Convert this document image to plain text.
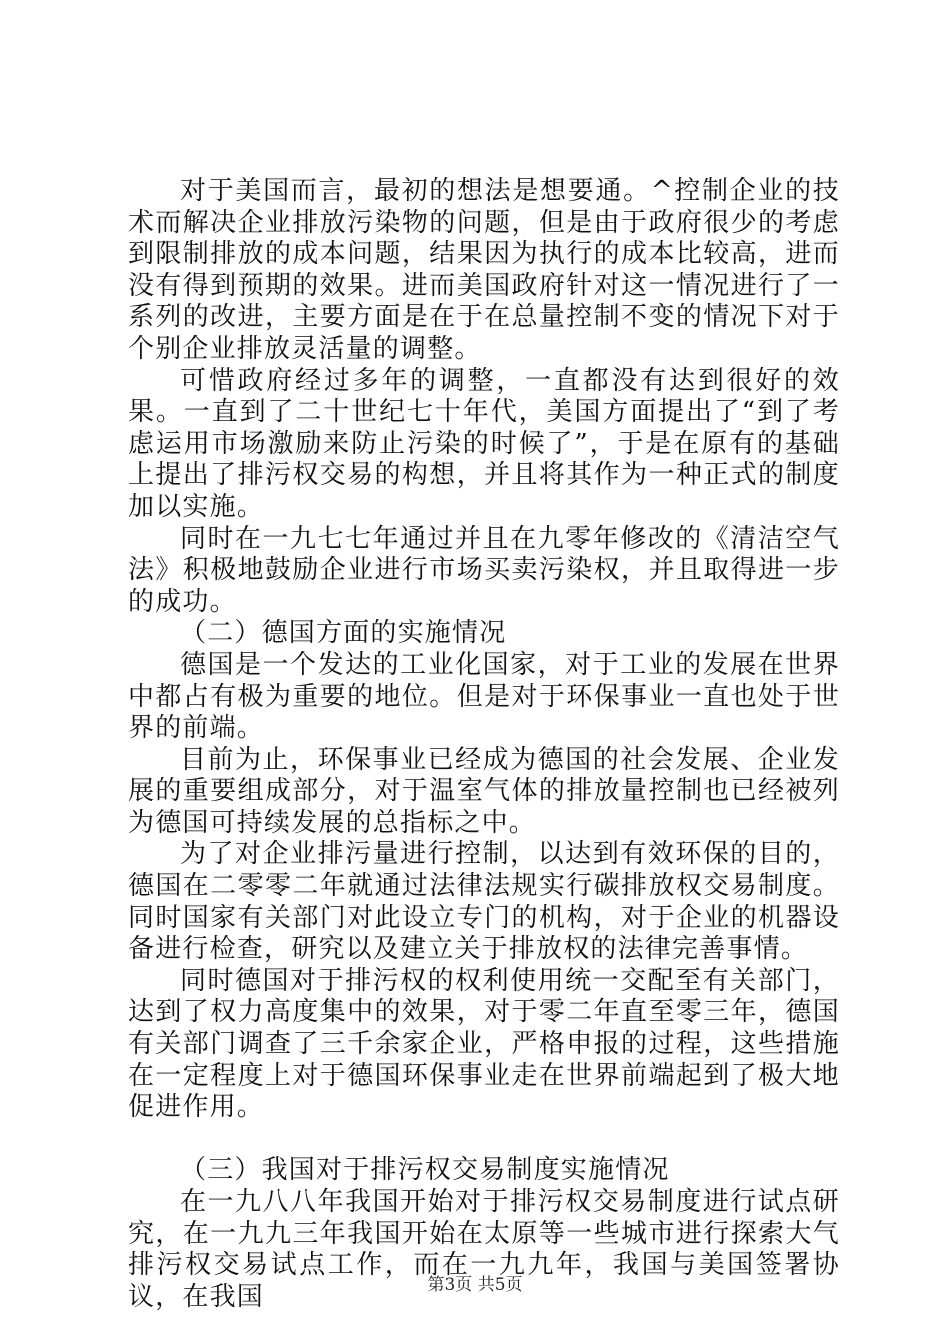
对于美国而言，最初的想法是想要通。^控制企业的技术而解决企业排放污染物的问题，但是由于政府很少的考虑到限制排放的成本问题，结果因为执行的成本比较高，进而没有得到预期的效果。进而美国政府针对这一情况进行了一系列的改进，主要方面是在于在总量控制不变的情况下对于个别企业排放灵活量的调整。

可惜政府经过多年的调整，一直都没有达到很好的效果。一直到了二十世纪七十年代，美国方面提出了“到了考虑运用市场激励来防止污染的时候了”，于是在原有的基础上提出了排污权交易的构想，并且将其作为一种正式的制度加以实施。

同时在一九七七年通过并且在九零年修改的《清洁空气法》积极地鼓励企业进行市场买卖污染权，并且取得进一步的成功。

（二）德国方面的实施情况

德国是一个发达的工业化国家，对于工业的发展在世界中都占有极为重要的地位。但是对于环保事业一直也处于世界的前端。

目前为止，环保事业已经成为德国的社会发展、企业发展的重要组成部分，对于温室气体的排放量控制也已经被列为德国可持续发展的总指标之中。

为了对企业排污量进行控制，以达到有效环保的目的，德国在二零零二年就通过法律法规实行碳排放权交易制度。同时国家有关部门对此设立专门的机构，对于企业的机器设备进行检查，研究以及建立关于排放权的法律完善事情。

同时德国对于排污权的权利使用统一交配至有关部门，达到了权力高度集中的效果，对于零二年直至零三年，德国有关部门调查了三千余家企业，严格申报的过程，这些措施在一定程度上对于德国环保事业走在世界前端起到了极大地促进作用。

（三）我国对于排污权交易制度实施情况

在一九八八年我国开始对于排污权交易制度进行试点研究，在一九九三年我国开始在太原等一些城市进行探索大气排污权交易试点工作，而在一九九年，我国与美国签署协议，在我国	第3页 共5页
